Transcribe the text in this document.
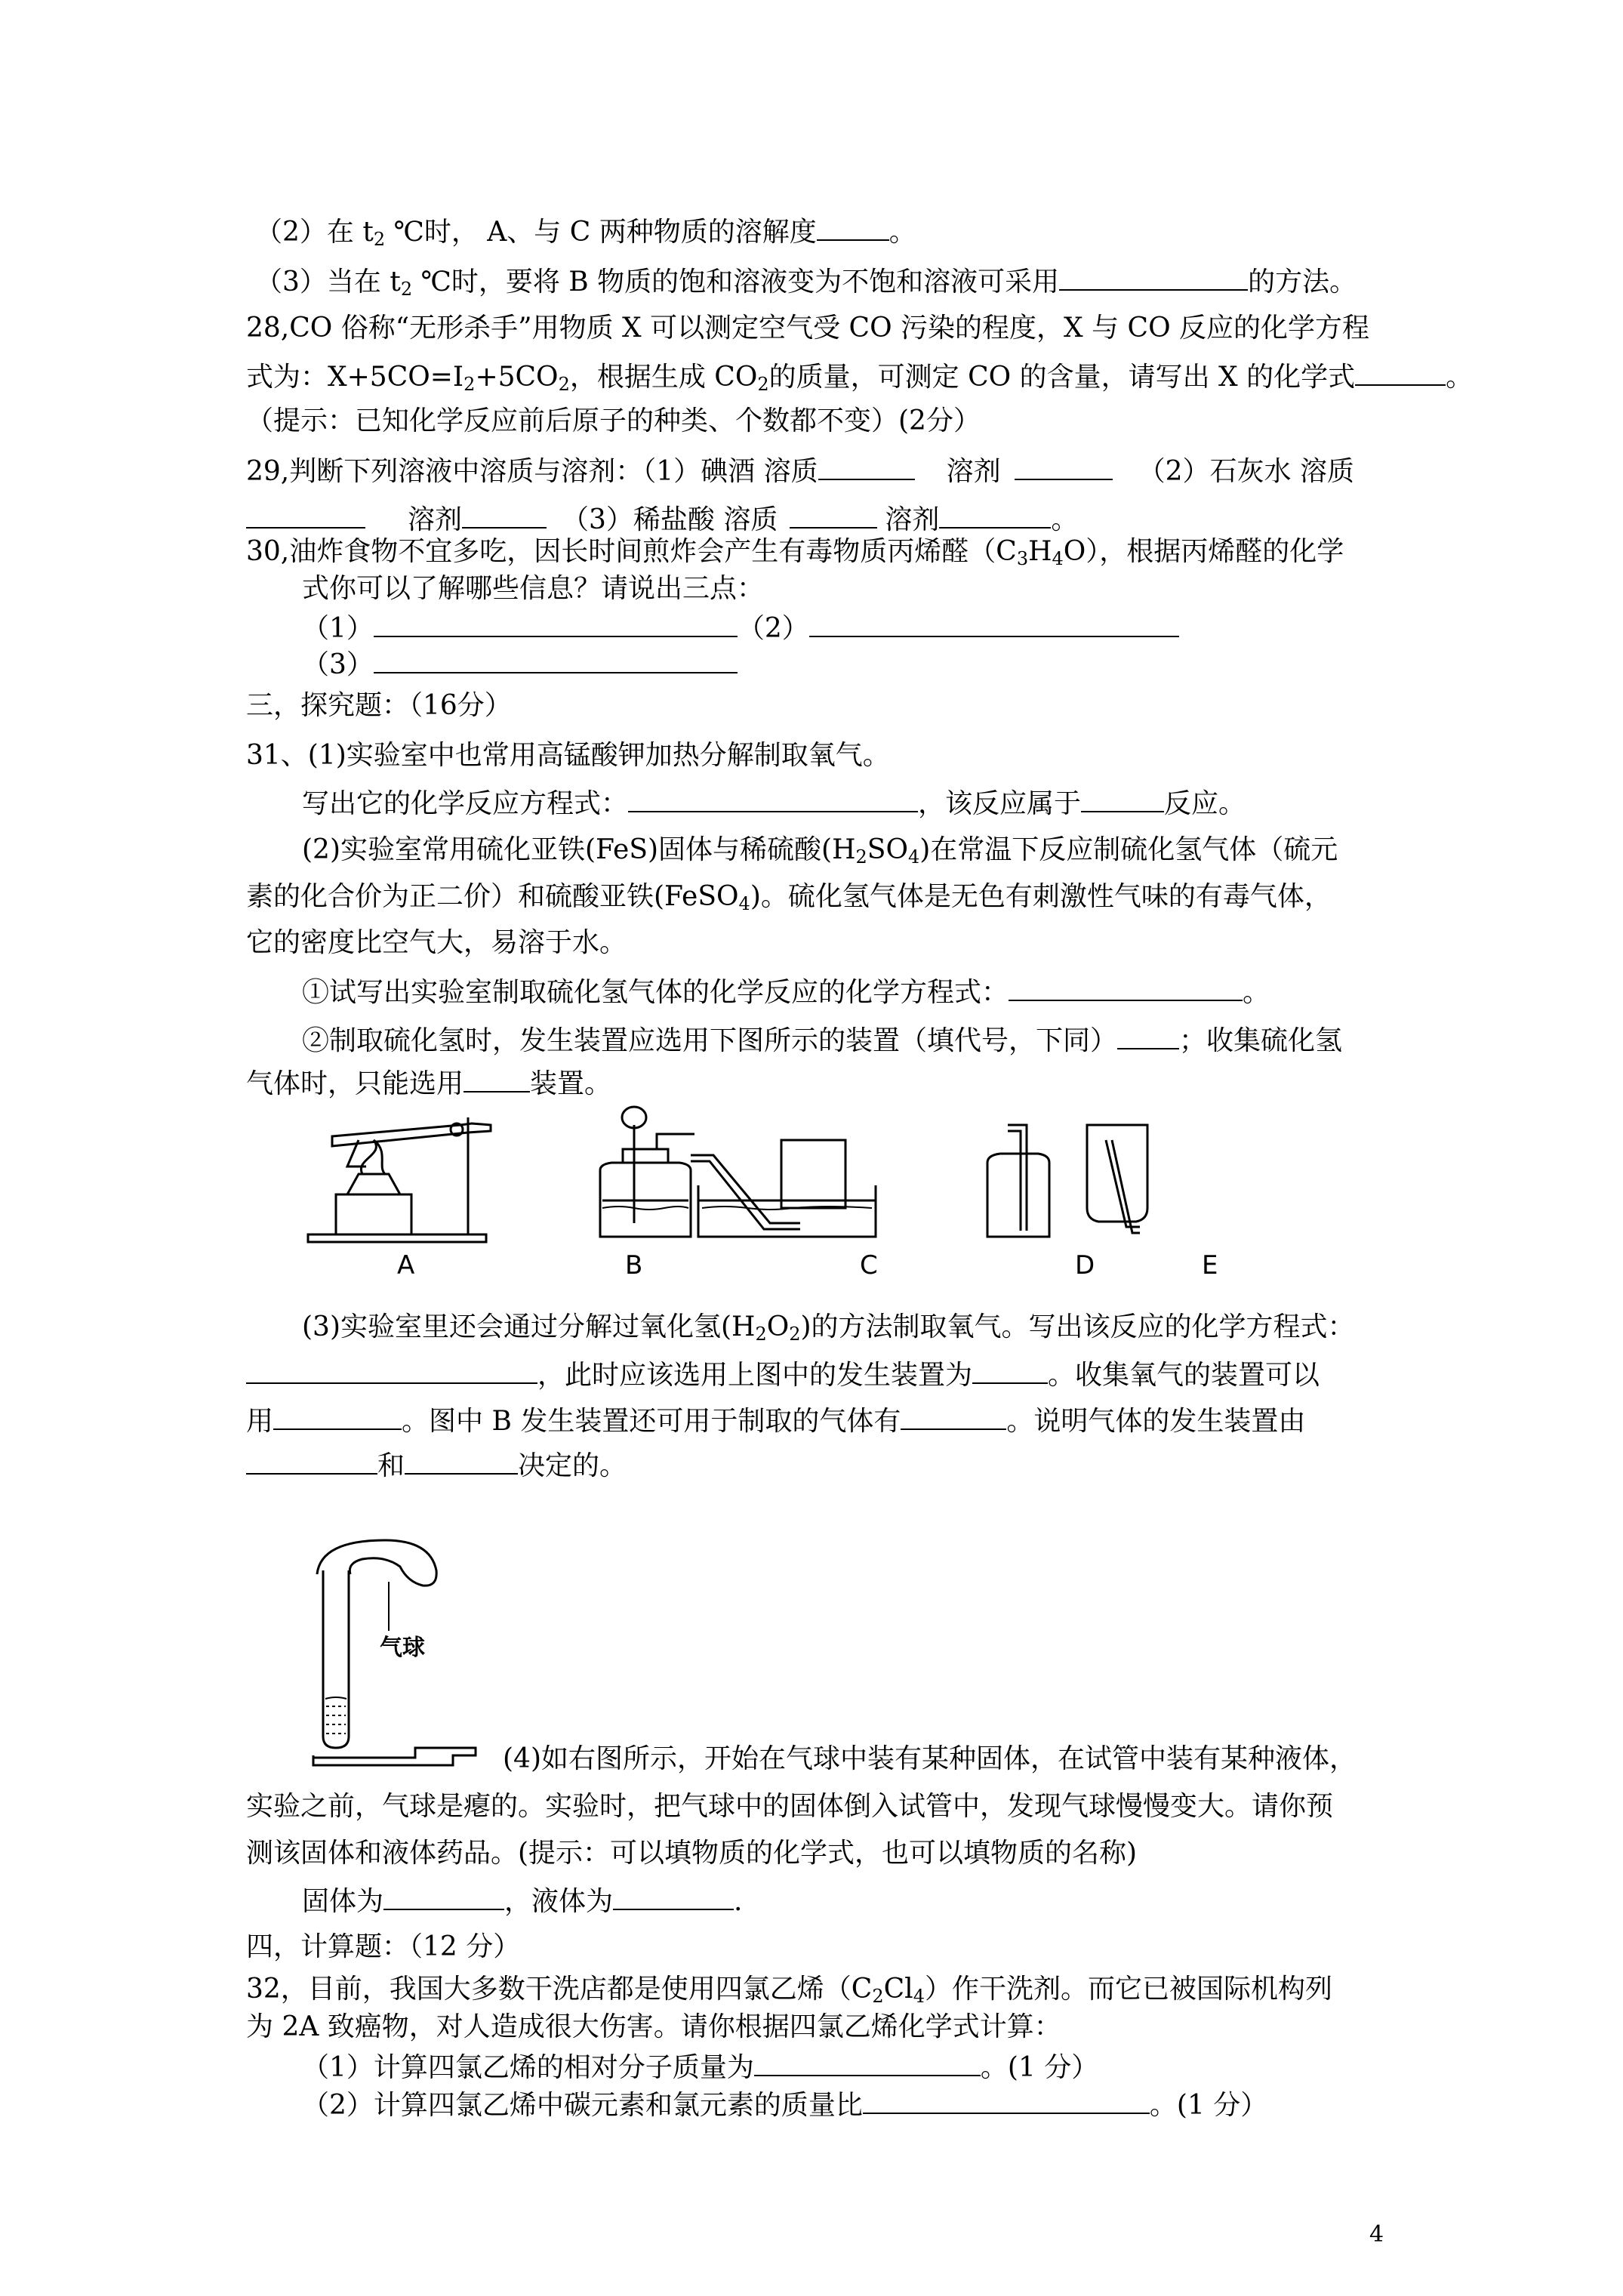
（2）在 $t_2$ ℃时， A、与 C 两种物质的溶解度	。
（3）当在 $t_2$ ℃时，要将 B 物质的饱和溶液变为不饱和溶液可采用	的方法。
28,CO 俗称“无形杀手”用物质 X 可以测定空气受 CO 污染的程度，X 与 CO 反应的化学方程
式为：$X+5CO=I_2+5CO_2$，根据生成 $CO_2$的质量，可测定 CO 的含量，请写出 X 的化学式	。
（提示：已知化学反应前后原子的种类、个数都不变）(2分）
29,判断下列溶液中溶质与溶剂：（1）碘酒 溶质	溶剂	（2）石灰水 溶质
溶剂	（3）稀盐酸 溶质	溶剂	。
30,油炸食物不宜多吃，因长时间煎炸会产生有毒物质丙烯醛$(C_3H_4O)$，根据丙烯醛的化学
式你可以了解哪些信息？请说出三点：
（1）	（2）
（3）
三，探究题：（16分）
31、(1)实验室中也常用高锰酸钾加热分解制取氧气。
写出它的化学反应方程式：	，该反应属于	反应。
(2)实验室常用硫化亚铁(FeS)固体与稀硫酸$(H_2SO_4)$在常温下反应制硫化氢气体（硫元
素的化合价为正二价）和硫酸亚铁(FeSO$_4$)。硫化氢气体是无色有刺激性气味的有毒气体，
它的密度比空气大，易溶于水。
①试写出实验室制取硫化氢气体的化学反应的化学方程式：	。
②制取硫化氢时，发生装置应选用下图所示的装置（填代号，下同） ；收集硫化氢
气体时，只能选用 装置。
A	B	C	D	E
(3)实验室里还会通过分解过氧化氢$(H_2O_2)$的方法制取氧气。写出该反应的化学方程式：
，此时应该选用上图中的发生装置为	。收集氧气的装置可以
用	。图中 B 发生装置还可用于制取的气体有	。说明气体的发生装置由
和	决定的。
气球
(4)如右图所示，开始在气球中装有某种固体，在试管中装有某种液体，
实验之前，气球是瘪的。实验时，把气球中的固体倒入试管中，发现气球慢慢变大。请你预
测该固体和液体药品。(提示：可以填物质的化学式，也可以填物质的名称)
固体为	，液体为	.
四，计算题：（12 分）
32，目前，我国大多数干洗店都是使用四氯乙烯$(C_2Cl_4)$作干洗剂。而它已被国际机构列
为 2A 致癌物，对人造成很大伤害。请你根据四氯乙烯化学式计算：
（1）计算四氯乙烯的相对分子质量为	。(1 分）
（2）计算四氯乙烯中碳元素和氯元素的质量比	。(1 分）
4
